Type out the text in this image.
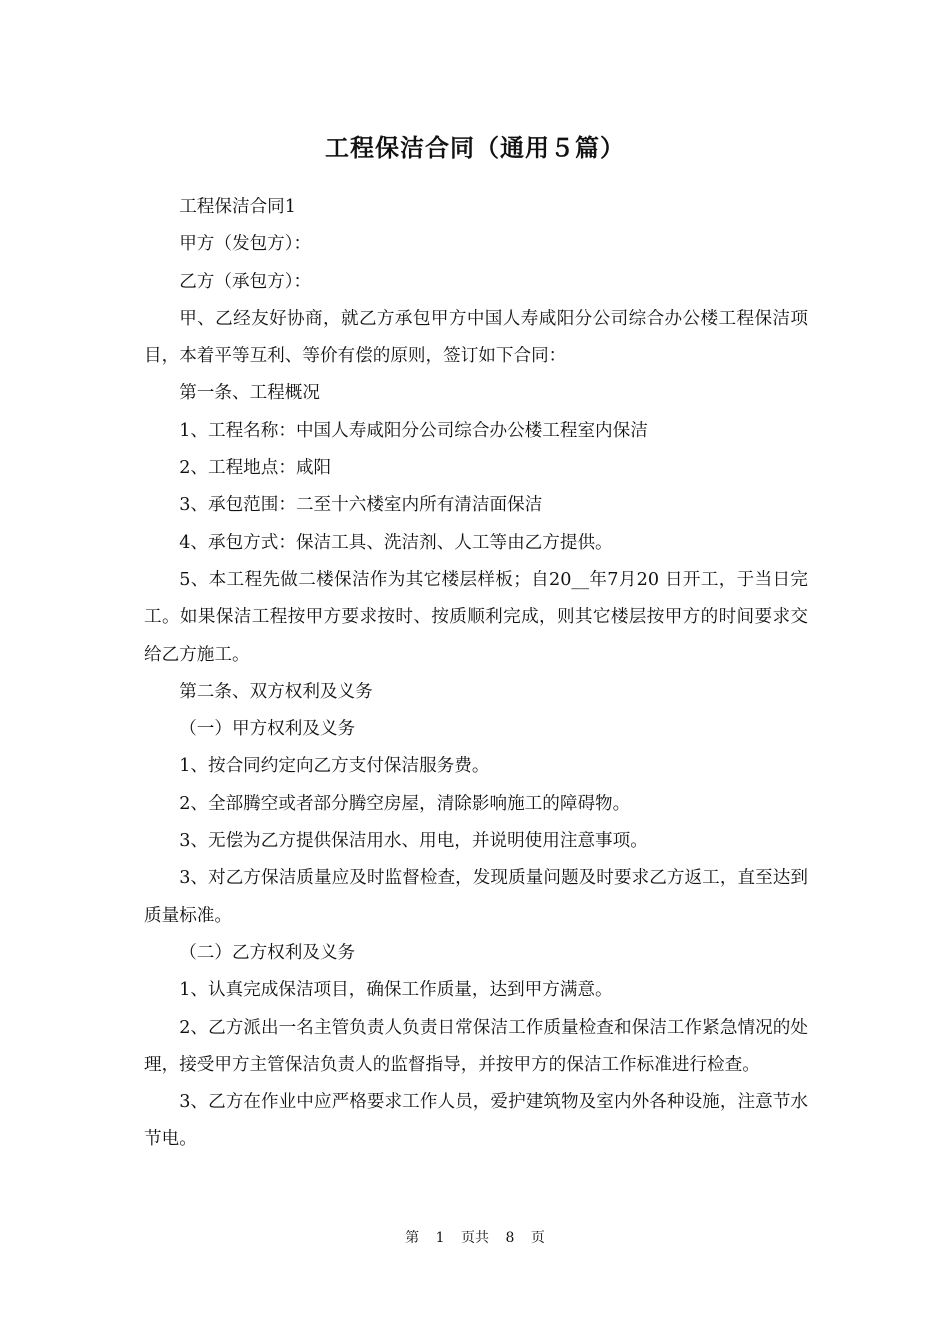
工程保洁合同（通用５篇）

工程保洁合同1

甲方（发包方）：

乙方（承包方）：

甲、乙经友好协商，就乙方承包甲方中国人寿咸阳分公司综合办公楼工程保洁项目，本着平等互利、等价有偿的原则，签订如下合同：

第一条、工程概况

1、工程名称：中国人寿咸阳分公司综合办公楼工程室内保洁

2、工程地点：咸阳

3、承包范围：二至十六楼室内所有清洁面保洁

4、承包方式：保洁工具、洗洁剂、人工等由乙方提供。

5、本工程先做二楼保洁作为其它楼层样板；自20__年7月20 日开工，于当日完工。如果保洁工程按甲方要求按时、按质顺利完成，则其它楼层按甲方的时间要求交给乙方施工。

第二条、双方权利及义务

（一）甲方权利及义务

1、按合同约定向乙方支付保洁服务费。

2、全部腾空或者部分腾空房屋，清除影响施工的障碍物。

3、无偿为乙方提供保洁用水、用电，并说明使用注意事项。

3、对乙方保洁质量应及时监督检查，发现质量问题及时要求乙方返工，直至达到质量标准。

（二）乙方权利及义务

1、认真完成保洁项目，确保工作质量，达到甲方满意。

2、乙方派出一名主管负责人负责日常保洁工作质量检查和保洁工作紧急情况的处理，接受甲方主管保洁负责人的监督指导，并按甲方的保洁工作标准进行检查。

3、乙方在作业中应严格要求工作人员，爱护建筑物及室内外各种设施，注意节水节电。

第 1 页共 8 页
